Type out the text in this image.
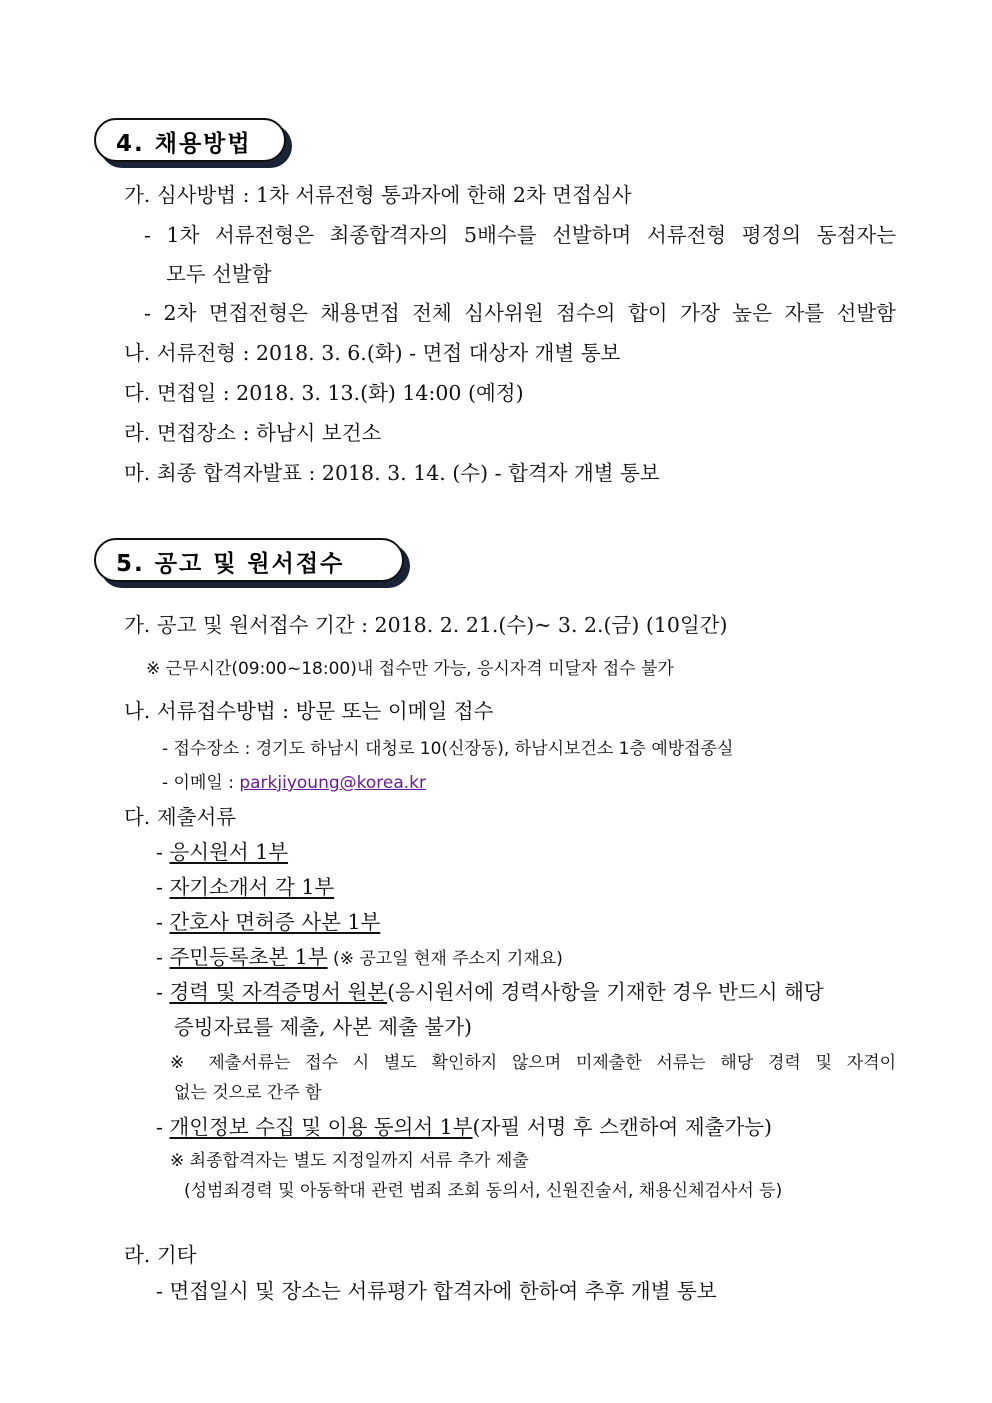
4. 채용방법
가. 심사방법 : 1차 서류전형 통과자에 한해 2차 면접심사
- 1차 서류전형은 최종합격자의 5배수를 선발하며 서류전형 평정의 동점자는
모두 선발함
- 2차 면접전형은 채용면접 전체 심사위원 점수의 합이 가장 높은 자를 선발함
나. 서류전형 : 2018. 3. 6.(화) - 면접 대상자 개별 통보
다. 면접일 : 2018. 3. 13.(화) 14:00 (예정)
라. 면접장소 : 하남시 보건소
마. 최종 합격자발표 : 2018. 3. 14. (수) - 합격자 개별 통보
5. 공고 및 원서접수
가. 공고 및 원서접수 기간 : 2018. 2. 21.(수)~ 3. 2.(금) (10일간)
※ 근무시간(09:00~18:00)내 접수만 가능, 응시자격 미달자 접수 불가
나. 서류접수방법 : 방문 또는 이메일 접수
- 접수장소 : 경기도 하남시 대청로 10(신장동), 하남시보건소 1층 예방접종실
- 이메일 : parkjiyoung@korea.kr
다. 제출서류
- 응시원서 1부
- 자기소개서 각 1부
- 간호사 면허증 사본 1부
- 주민등록초본 1부 (※ 공고일 현재 주소지 기재요)
- 경력 및 자격증명서 원본(응시원서에 경력사항을 기재한 경우 반드시 해당
증빙자료를 제출, 사본 제출 불가)
※ 제출서류는 접수 시 별도 확인하지 않으며 미제출한 서류는 해당 경력 및 자격이
없는 것으로 간주 함
- 개인정보 수집 및 이용 동의서 1부(자필 서명 후 스캔하여 제출가능)
※ 최종합격자는 별도 지정일까지 서류 추가 제출
(성범죄경력 및 아동학대 관련 범죄 조회 동의서, 신원진술서, 채용신체검사서 등)
라. 기타
- 면접일시 및 장소는 서류평가 합격자에 한하여 추후 개별 통보
